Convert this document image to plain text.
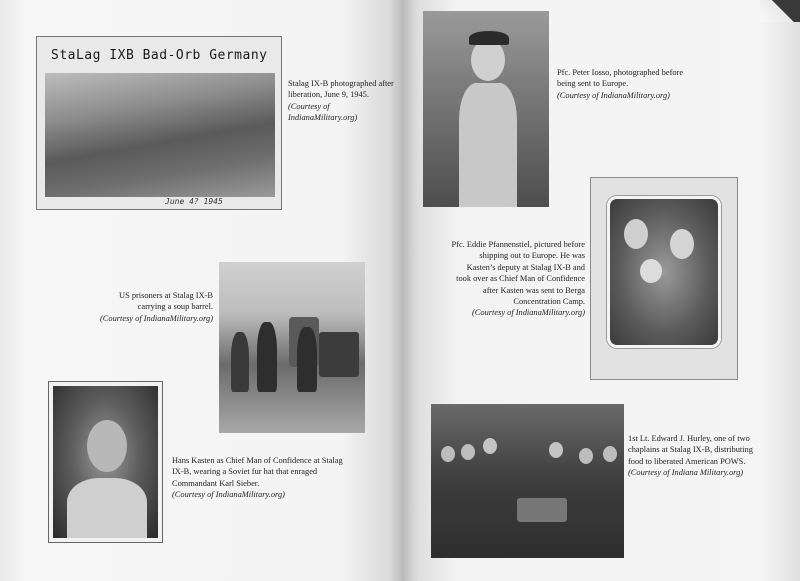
StaLag IXB Bad-Orb Germany
June 4? 1945
Stalag IX-B photographed after liberation, June 9, 1945.
(Courtesy of IndianaMilitary.org)
US prisoners at Stalag IX-B carrying a soup barrel.
(Courtesy of IndianaMilitary.org)
Hans Kasten as Chief Man of Confidence at Stalag IX-B, wearing a Soviet fur hat that enraged Commandant Karl Sieber.
(Courtesy of IndianaMilitary.org)
Pfc. Peter Iosso, photographed before being sent to Europe.
(Courtesy of IndianaMilitary.org)
Pfc. Eddie Pfannenstiel, pictured before shipping out to Europe. He was Kasten’s deputy at Stalag IX-B and took over as Chief Man of Confidence after Kasten was sent to Berga Concentration Camp.
(Courtesy of IndianaMilitary.org)
1st Lt. Edward J. Hurley, one of two chaplains at Stalag IX-B, distributing food to liberated American POWS.
(Courtesy of Indiana Military.org)
